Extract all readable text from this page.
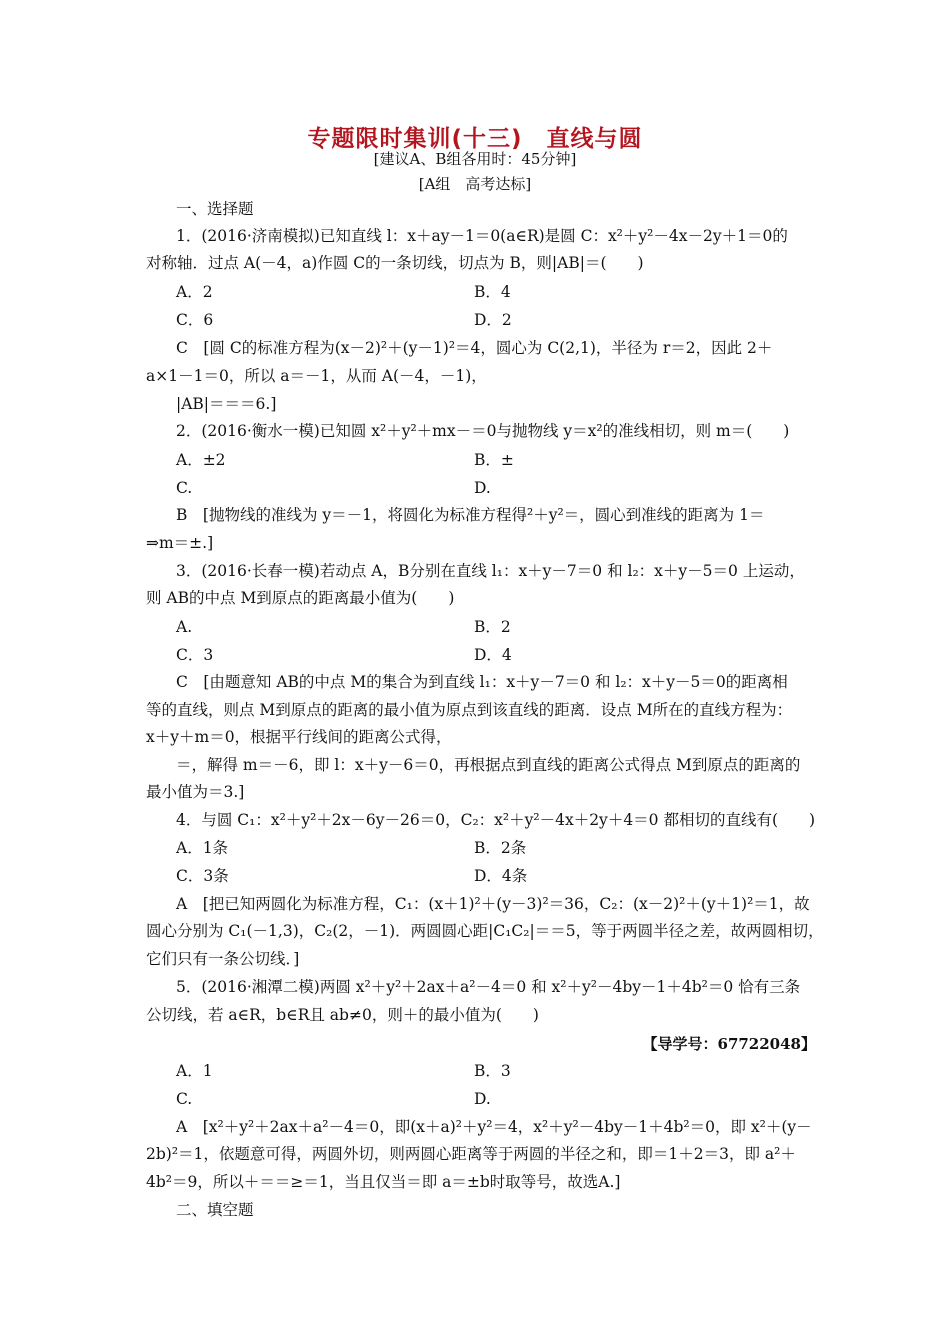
专题限时集训(十三)　直线与圆
[建议A、B组各用时：45分钟]
[A组　高考达标]
一、选择题
1．(2016·济南模拟)已知直线 l：x＋ay－1＝0(a∈R)是圆 C：x²＋y²－4x－2y＋1＝0的
对称轴．过点 A(－4，a)作圆 C的一条切线，切点为 B，则|AB|＝(　　)
A．2	B．4
C．6	D．2
C　[圆 C的标准方程为(x－2)²＋(y－1)²＝4，圆心为 C(2,1)，半径为 r＝2，因此 2＋
a×1－1＝0，所以 a＝－1，从而 A(－4，－1)，
|AB|＝＝＝6.]
2．(2016·衡水一模)已知圆 x²＋y²＋mx－＝0与抛物线 y＝x²的准线相切，则 m＝(　　)
A．±2	B．±
C.	D.
B　[抛物线的准线为 y＝－1，将圆化为标准方程得²＋y²＝，圆心到准线的距离为 1＝
⇒m＝±.]
3．(2016·长春一模)若动点 A，B分别在直线 l₁：x＋y－7＝0 和 l₂：x＋y－5＝0 上运动，
则 AB的中点 M到原点的距离最小值为(　　)
A.	B．2
C．3	D．4
C　[由题意知 AB的中点 M的集合为到直线 l₁：x＋y－7＝0 和 l₂：x＋y－5＝0的距离相
等的直线，则点 M到原点的距离的最小值为原点到该直线的距离．设点 M所在的直线方程为：
x＋y＋m＝0，根据平行线间的距离公式得，
＝，解得 m＝－6，即 l：x＋y－6＝0，再根据点到直线的距离公式得点 M到原点的距离的
最小值为＝3.]
4．与圆 C₁：x²＋y²＋2x－6y－26＝0，C₂：x²＋y²－4x＋2y＋4＝0 都相切的直线有(　　)
A．1条	B．2条
C．3条	D．4条
A　[把已知两圆化为标准方程，C₁：(x＋1)²＋(y－3)²＝36，C₂：(x－2)²＋(y＋1)²＝1，故
圆心分别为 C₁(－1,3)，C₂(2，－1)．两圆圆心距|C₁C₂|＝＝5，等于两圆半径之差，故两圆相切，
它们只有一条公切线．]
5．(2016·湘潭二模)两圆 x²＋y²＋2ax＋a²－4＝0 和 x²＋y²－4by－1＋4b²＝0 恰有三条
公切线，若 a∈R，b∈R且 ab≠0，则＋的最小值为(　　)
【导学号：67722048】
A．1	B．3
C.	D.
A　[x²＋y²＋2ax＋a²－4＝0，即(x＋a)²＋y²＝4，x²＋y²－4by－1＋4b²＝0，即 x²＋(y－
2b)²＝1，依题意可得，两圆外切，则两圆心距离等于两圆的半径之和，即＝1＋2＝3，即 a²＋
4b²＝9，所以＋＝＝≥＝1，当且仅当＝即 a＝±b时取等号，故选A.]
二、填空题
